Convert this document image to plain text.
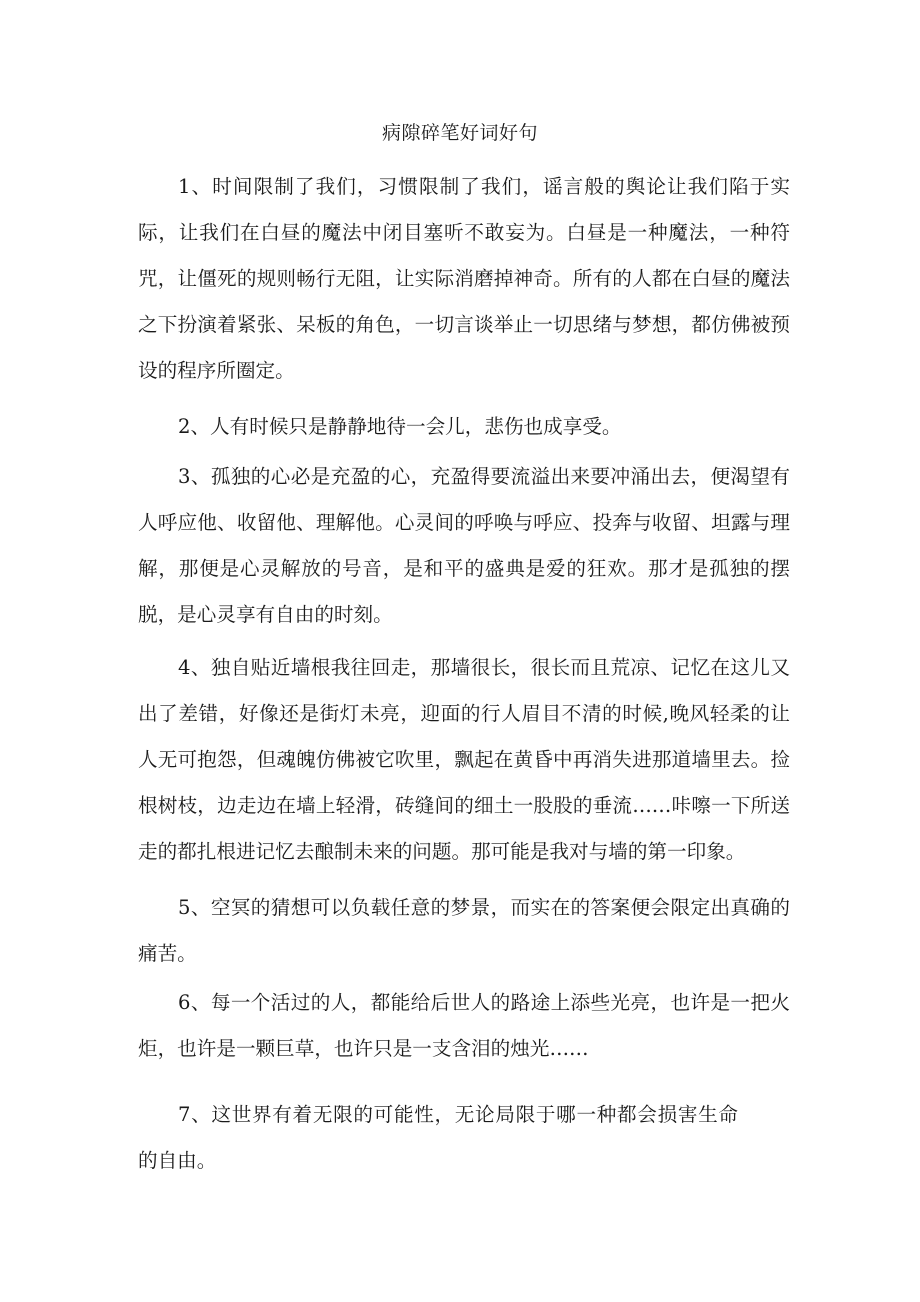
病隙碎笔好词好句
1、时间限制了我们，习惯限制了我们，谣言般的舆论让我们陷于实际，让我们在白昼的魔法中闭目塞听不敢妄为。白昼是一种魔法，一种符咒，让僵死的规则畅行无阻，让实际消磨掉神奇。所有的人都在白昼的魔法之下扮演着紧张、呆板的角色，一切言谈举止一切思绪与梦想，都仿佛被预设的程序所圈定。
2、人有时候只是静静地待一会儿，悲伤也成享受。
3、孤独的心必是充盈的心，充盈得要流溢出来要冲涌出去，便渴望有人呼应他、收留他、理解他。心灵间的呼唤与呼应、投奔与收留、坦露与理解，那便是心灵解放的号音，是和平的盛典是爱的狂欢。那才是孤独的摆脱，是心灵享有自由的时刻。
4、独自贴近墙根我往回走，那墙很长，很长而且荒凉、记忆在这儿又出了差错，好像还是街灯未亮，迎面的行人眉目不清的时候,晚风轻柔的让人无可抱怨，但魂魄仿佛被它吹里，飘起在黄昏中再消失进那道墙里去。捡根树枝，边走边在墙上轻滑，砖缝间的细土一股股的垂流……咔嚓一下所送走的都扎根进记忆去酿制未来的问题。那可能是我对与墙的第一印象。
5、空冥的猜想可以负载任意的梦景，而实在的答案便会限定出真确的痛苦。
6、每一个活过的人，都能给后世人的路途上添些光亮，也许是一把火炬，也许是一颗巨草，也许只是一支含泪的烛光……
7、这世界有着无限的可能性，无论局限于哪一种都会损害生命的自由。
